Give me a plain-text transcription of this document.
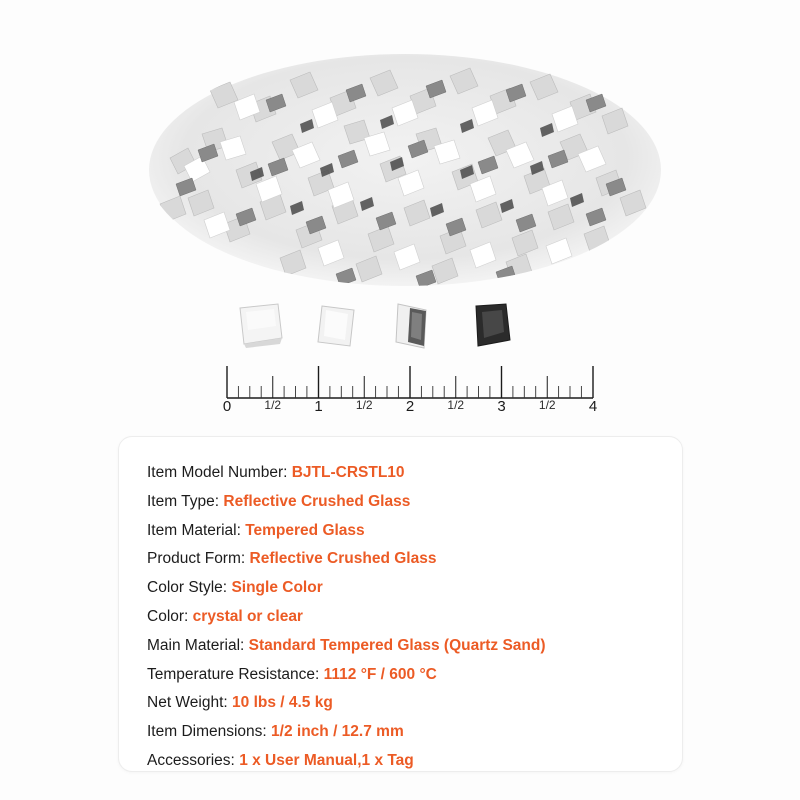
0	1/2 1	1/2 2	1/2 3	1/2 4
Item Model Number: BJTL-CRSTL10
Item Type: Reflective Crushed Glass
Item Material: Tempered Glass
Product Form: Reflective Crushed Glass
Color Style: Single Color
Color: crystal or clear
Main Material: Standard Tempered Glass (Quartz Sand)
Temperature Resistance: 1112 °F / 600 °C
Net Weight: 10 lbs / 4.5 kg
Item Dimensions: 1/2 inch / 12.7 mm
Accessories: 1 x User Manual,1 x Tag
